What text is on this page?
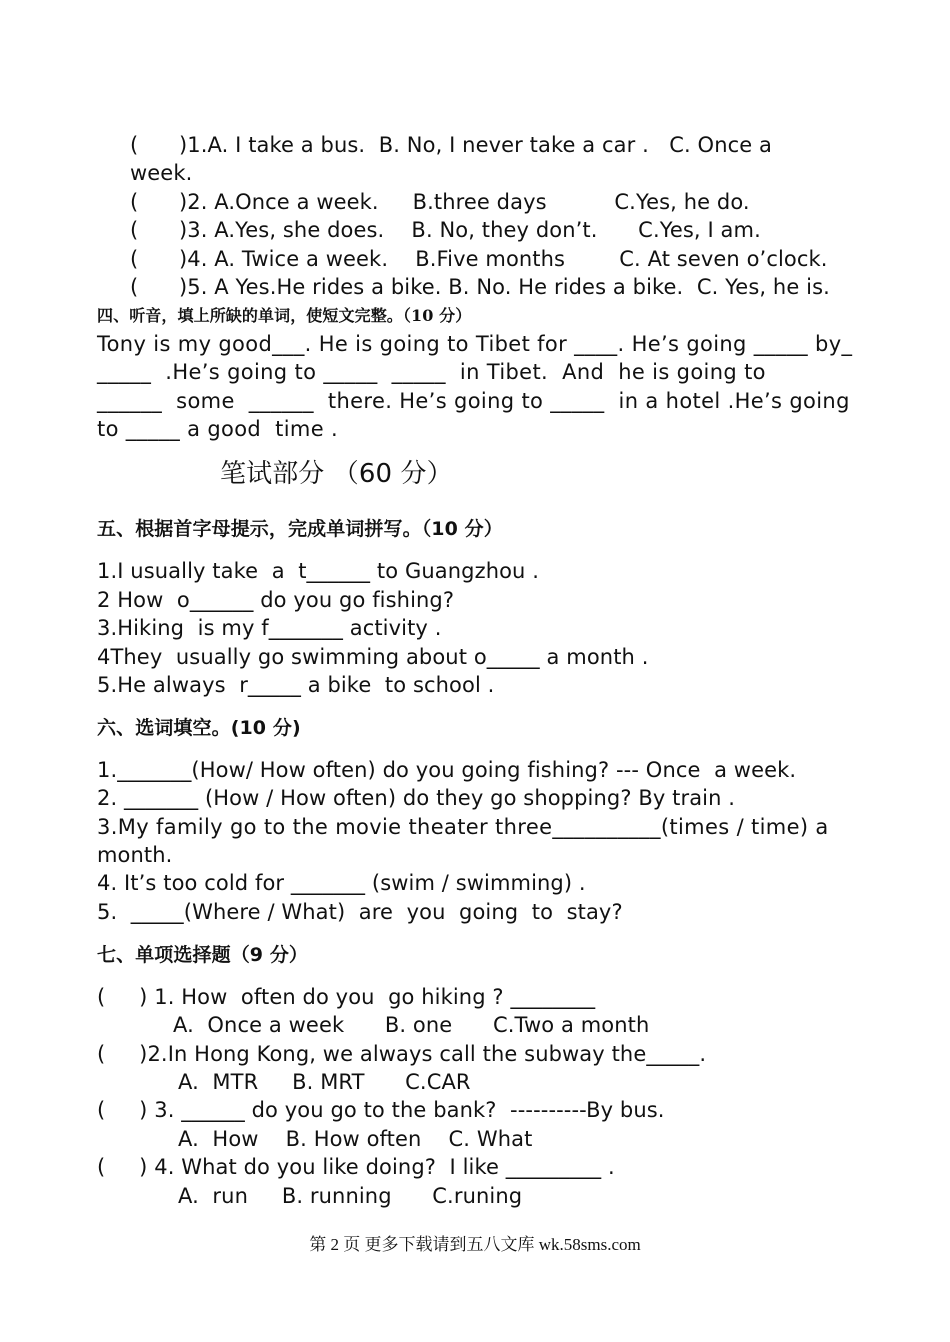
(      )1.A. I take a bus.  B. No, I never take a car .   C. Once a
week.
(      )2. A.Once a week.     B.three days          C.Yes, he do.
(      )3. A.Yes, she does.    B. No, they don’t.      C.Yes, I am.
(      )4. A. Twice a week.    B.Five months        C. At seven o’clock.
(      )5. A Yes.He rides a bike. B. No. He rides a bike.  C. Yes, he is.
四、听音，填上所缺的单词，使短文完整。（10 分）
Tony is my good___. He is going to Tibet for ____. He’s going _____ by_
_____  .He’s going to _____  _____  in Tibet.  And  he is going to
______  some  ______  there. He’s going to _____  in a hotel .He’s going
to _____ a good  time .
笔试部分 （60 分）
五、根据首字母提示，完成单词拼写。（10 分）
1.I usually take  a  t______ to Guangzhou .
2 How  o______ do you go fishing?
3.Hiking  is my f_______ activity .
4They  usually go swimming about o_____ a month .
5.He always  r_____ a bike  to school .
六、选词填空。(10 分)
1._______(How/ How often) do you going fishing? --- Once  a week.
2. _______ (How / How often) do they go shopping? By train .
3.My family go to the movie theater three__________(times / time) a
month.
4. It’s too cold for _______ (swim / swimming) .
5.  _____(Where / What)  are  you  going  to  stay?
七、单项选择题（9 分）
(     ) 1. How  often do you  go hiking ? ________
A.  Once a week      B. one      C.Two a month
(     )2.In Hong Kong, we always call the subway the_____.
A.  MTR     B. MRT      C.CAR
(     ) 3. ______ do you go to the bank?  ----------By bus.
A.  How    B. How often    C. What
(     ) 4. What do you like doing?  I like _________ .
A.  run     B. running      C.runing
第 2 页 更多下载请到五八文库 wk.58sms.com
